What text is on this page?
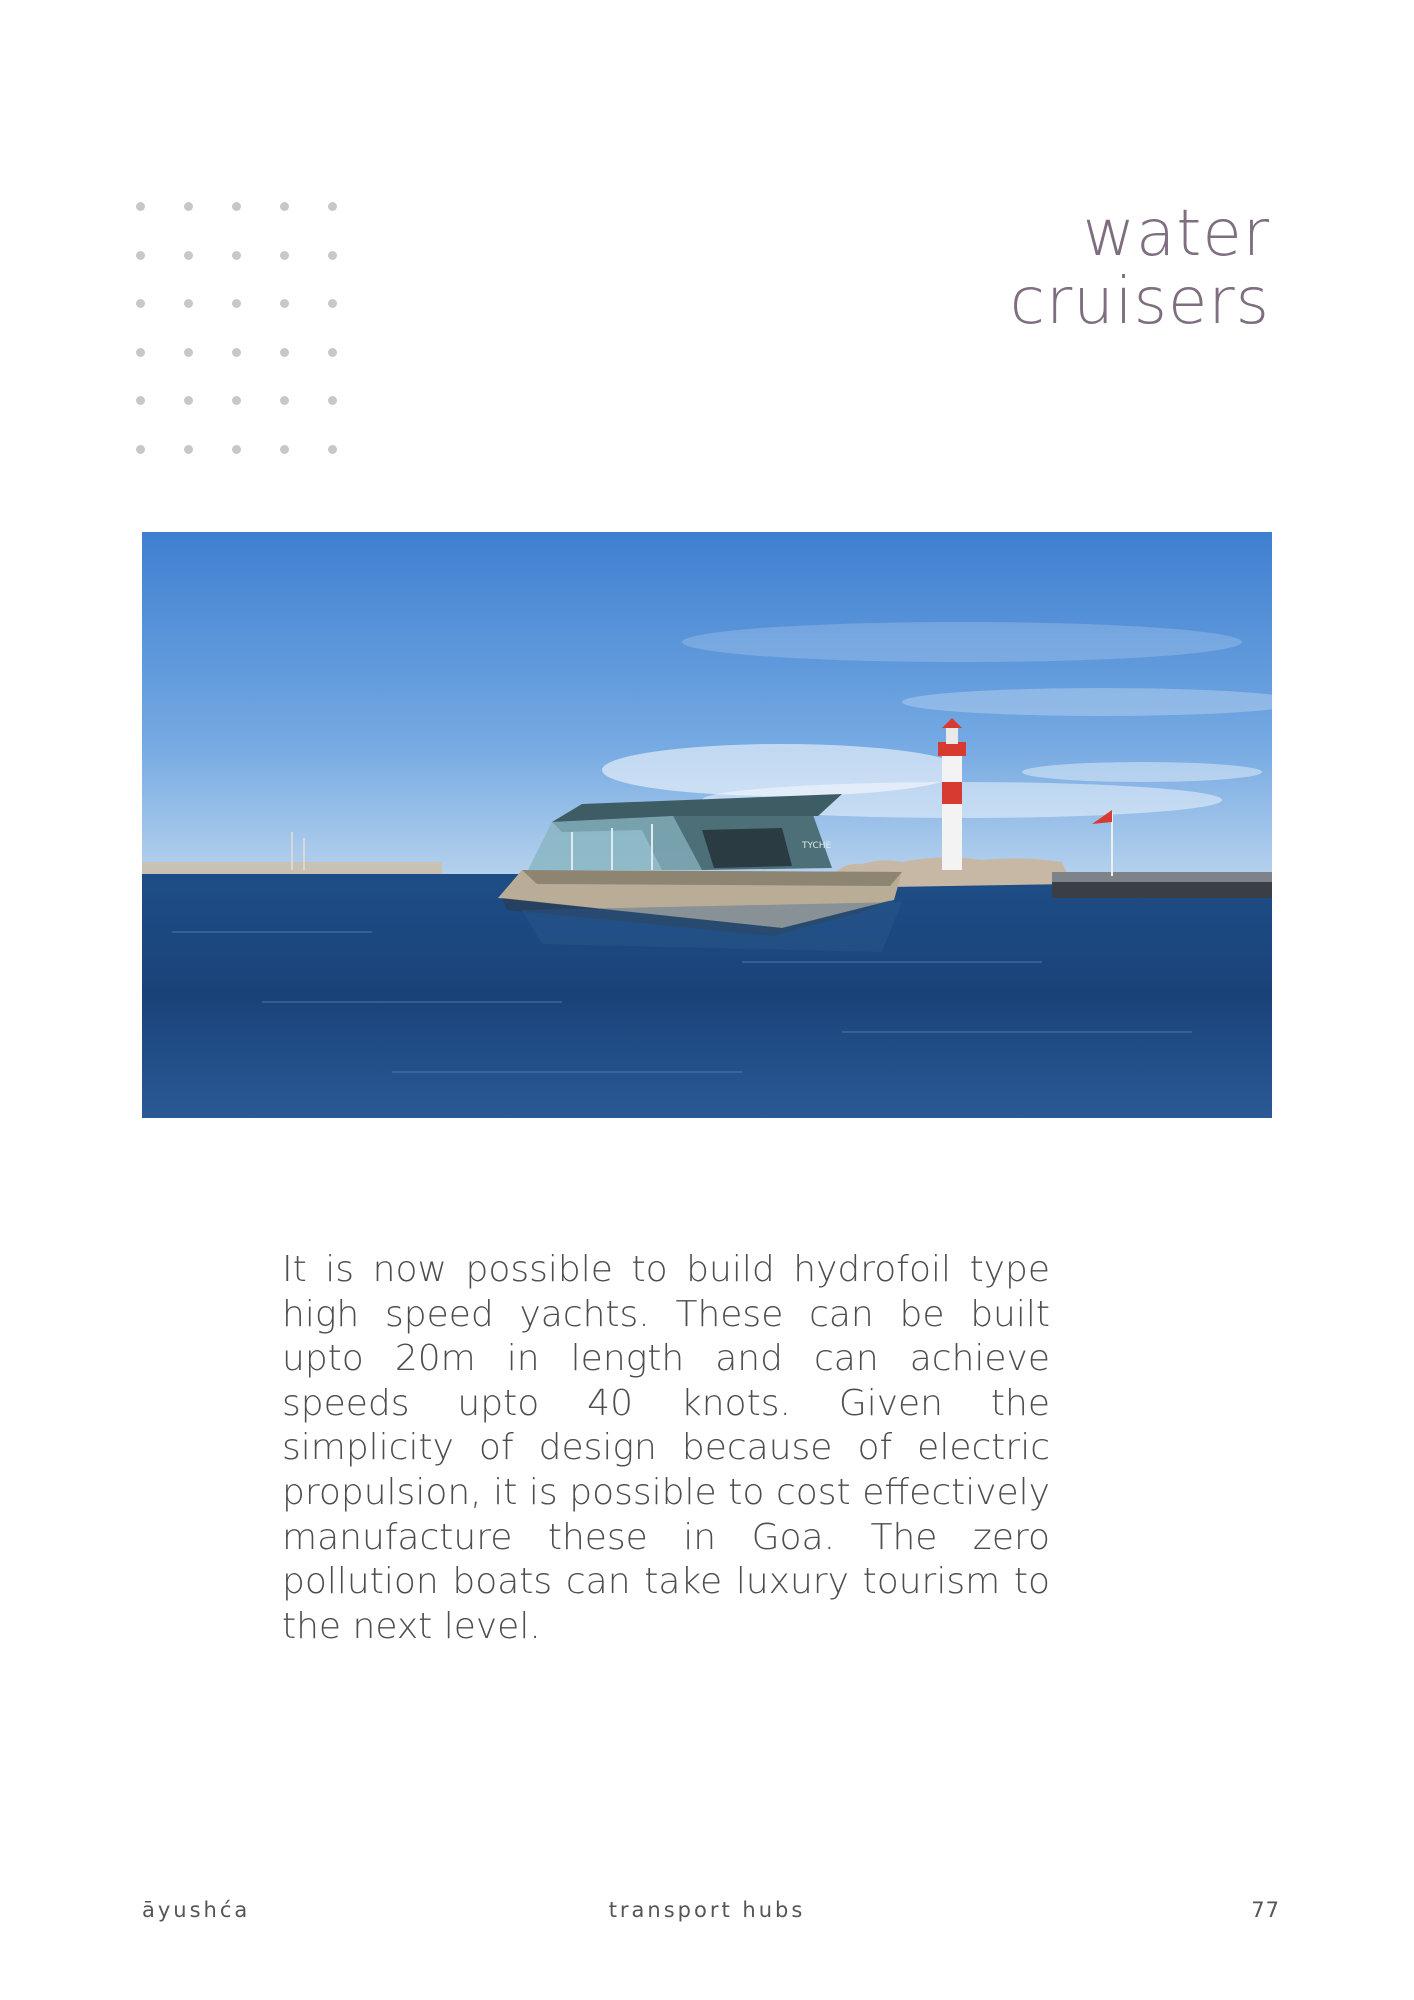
water
cruisers
TYCHE
It is now possible to build hydrofoil type high speed yachts. These can be built upto 20m in length and can achieve speeds upto 40 knots. Given the simplicity of design because of electric propulsion, it is possible to cost effectively manufacture these in Goa. The zero pollution boats can take luxury tourism to the next level.
āyushća	transport hubs	77
